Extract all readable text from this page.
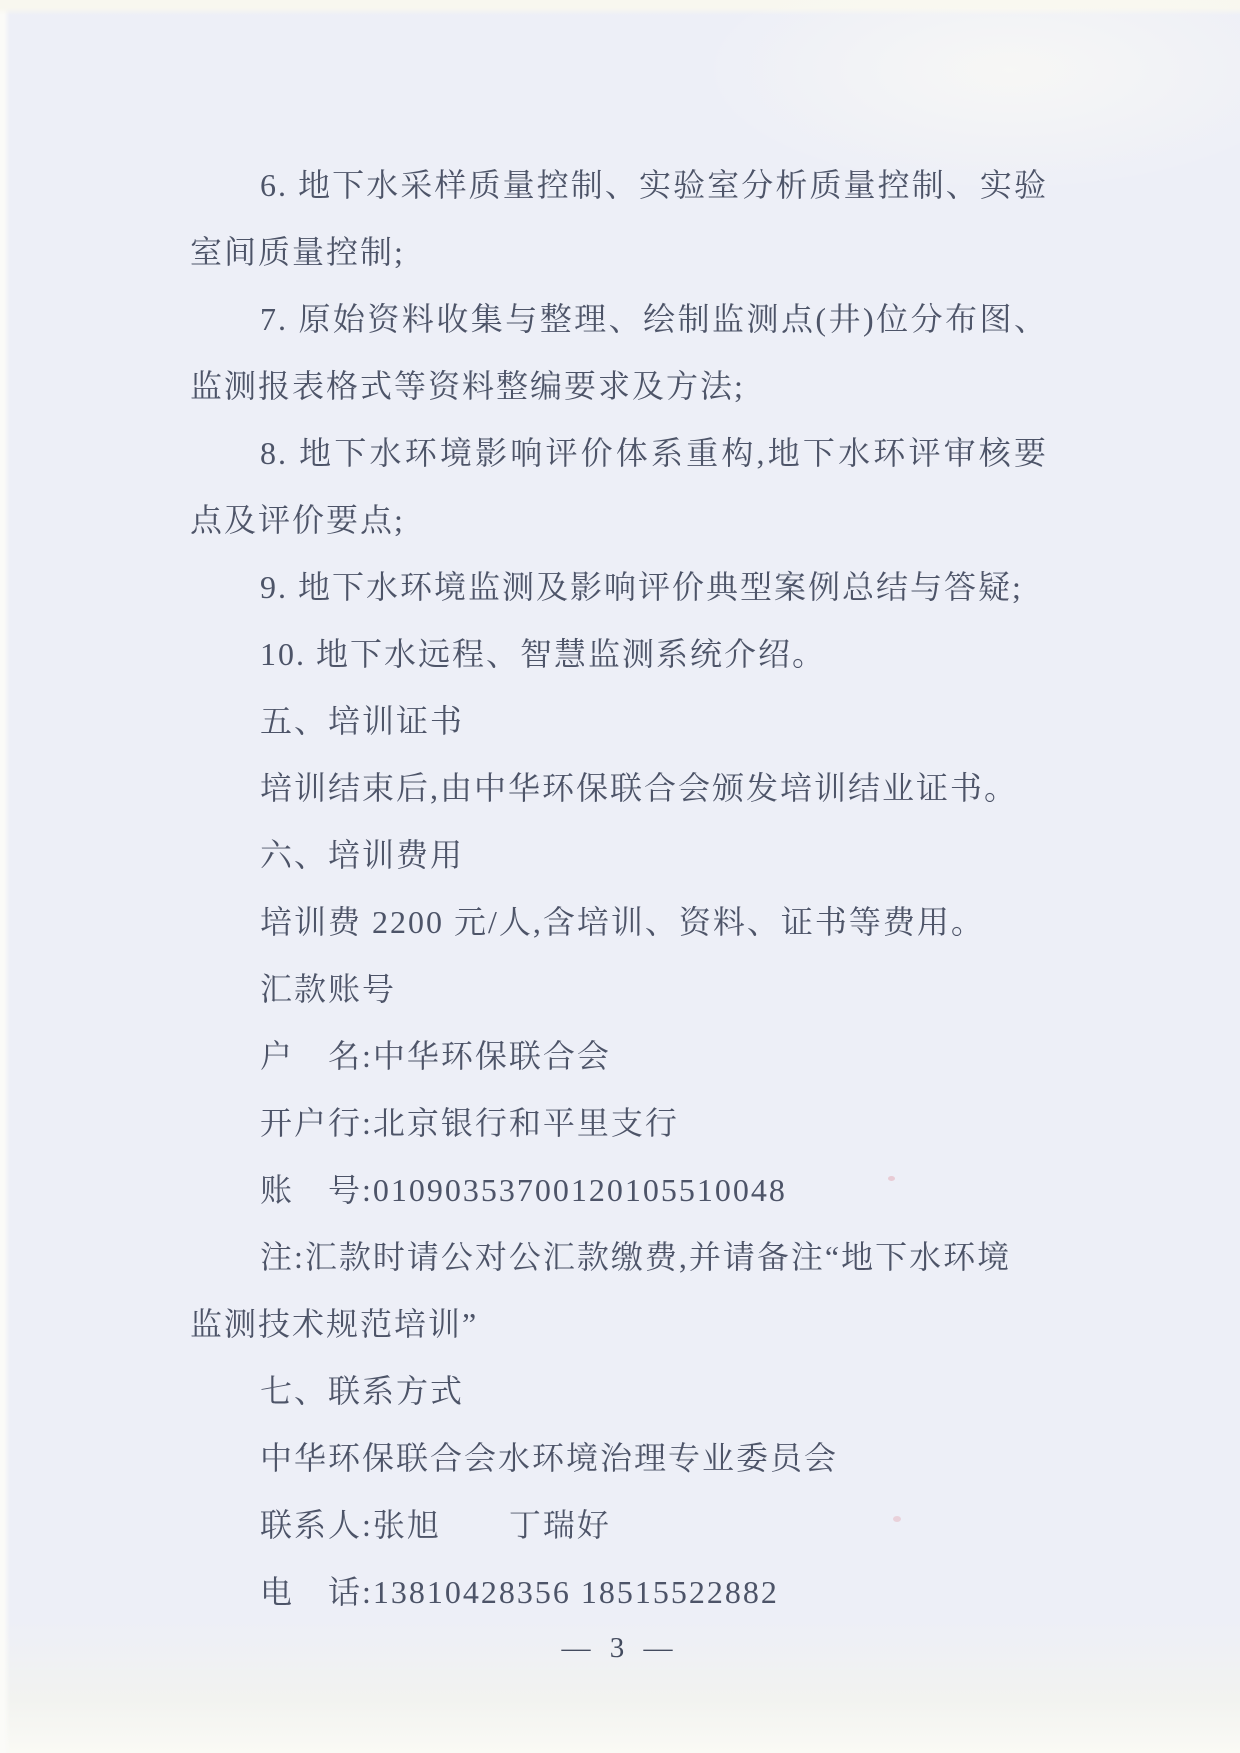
6. 地下水采样质量控制、实验室分析质量控制、实验

室间质量控制;

7. 原始资料收集与整理、绘制监测点(井)位分布图、

监测报表格式等资料整编要求及方法;

8. 地下水环境影响评价体系重构,地下水环评审核要

点及评价要点;

9. 地下水环境监测及影响评价典型案例总结与答疑;

10. 地下水远程、智慧监测系统介绍。

五、培训证书

培训结束后,由中华环保联合会颁发培训结业证书。

六、培训费用

培训费 2200 元/人,含培训、资料、证书等费用。

汇款账号

户　名:中华环保联合会

开户行:北京银行和平里支行

账　号:01090353700120105510048

注:汇款时请公对公汇款缴费,并请备注“地下水环境

监测技术规范培训”

七、联系方式

中华环保联合会水环境治理专业委员会

联系人:张旭　　丁瑞好

电　话:13810428356 18515522882

— 3 —
